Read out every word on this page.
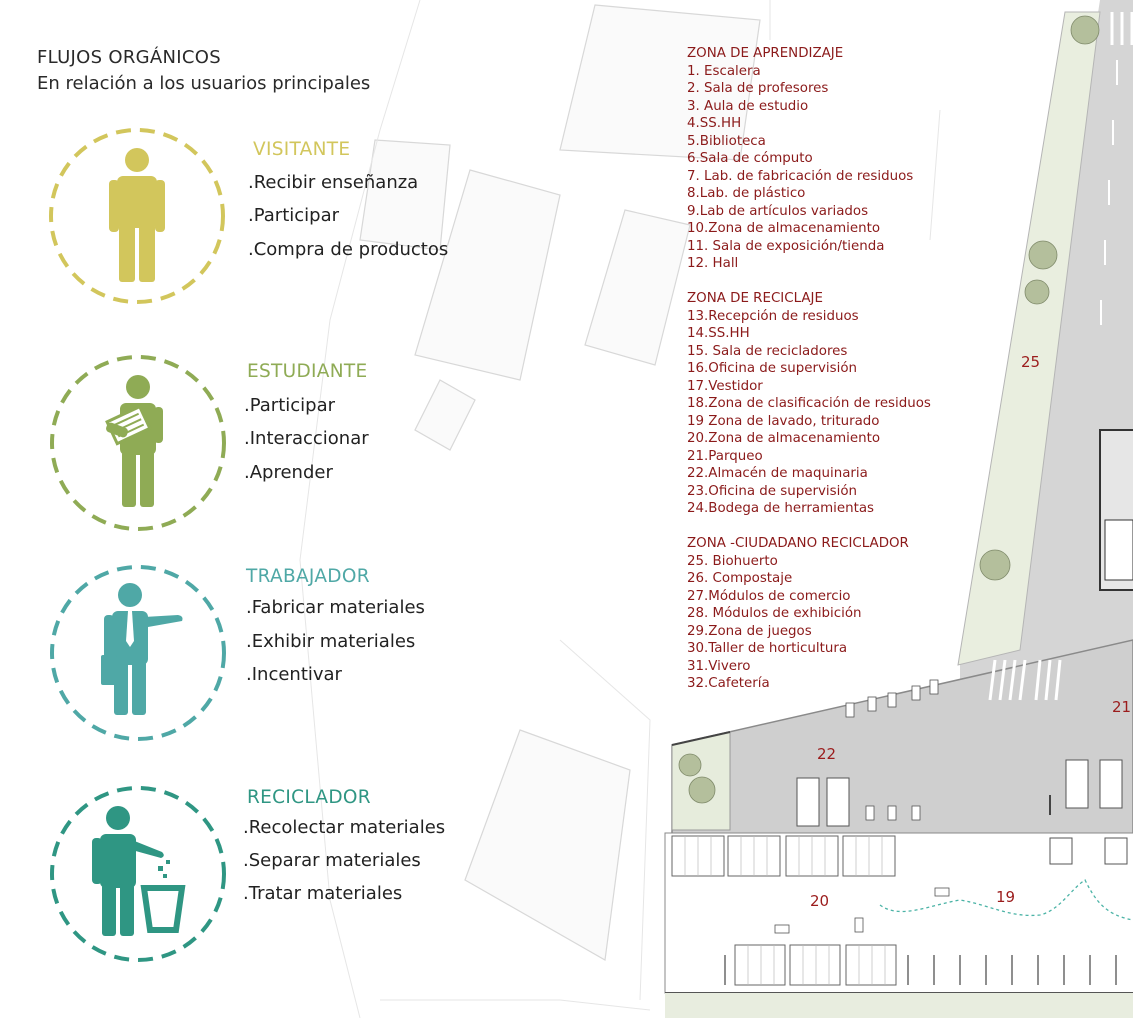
25
22
21
20	19
FLUJOS ORGÁNICOS
En relación a los usuarios principales
VISITANTE
.Recibir enseñanza
.Participar
.Compra de productos
ESTUDIANTE
.Participar
.Interaccionar
.Aprender
TRABAJADOR
.Fabricar materiales
.Exhibir materiales
.Incentivar
RECICLADOR
.Recolectar materiales
.Separar materiales
.Tratar materiales
ZONA DE APRENDIZAJE
1. Escalera
2. Sala de profesores
3. Aula de estudio
4.SS.HH
5.Biblioteca
6.Sala de cómputo
7. Lab. de fabricación de residuos
8.Lab. de plástico
9.Lab de artículos variados
10.Zona de almacenamiento
11. Sala de exposición/tienda
12. Hall
ZONA DE RECICLAJE
13.Recepción de residuos
14.SS.HH
15. Sala de recicladores
16.Oficina de supervisión
17.Vestidor
18.Zona de clasificación de residuos
19 Zona de lavado, triturado
20.Zona de almacenamiento
21.Parqueo
22.Almacén de maquinaria
23.Oficina de supervisión
24.Bodega de herramientas
ZONA -CIUDADANO RECICLADOR
25. Biohuerto
26. Compostaje
27.Módulos de comercio
28. Módulos de exhibición
29.Zona de juegos
30.Taller de horticultura
31.Vivero
32.Cafetería
